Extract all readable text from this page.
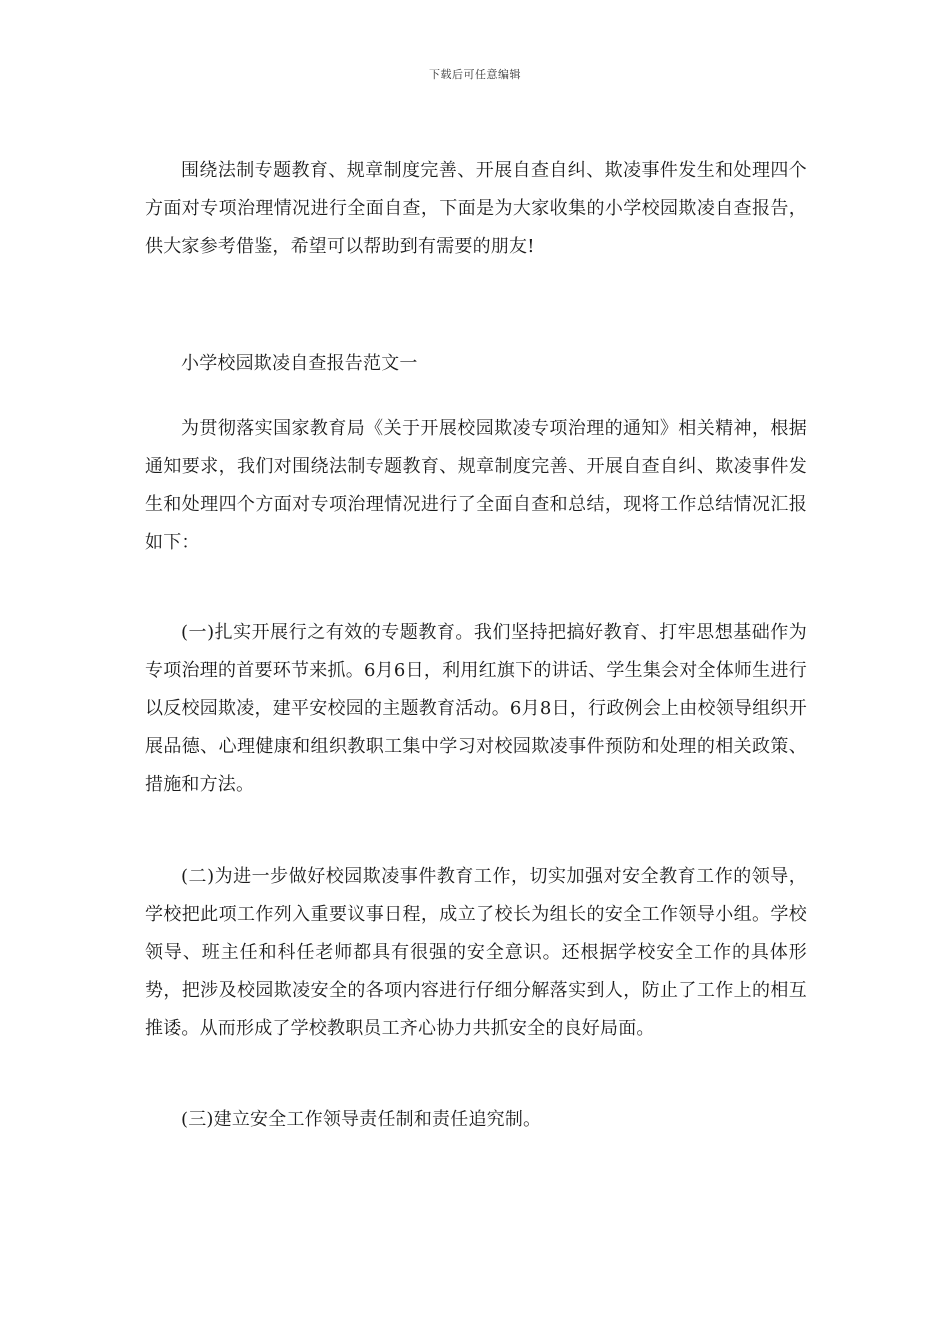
下载后可任意编辑

围绕法制专题教育、规章制度完善、开展自查自纠、欺凌事件发生和处理四个方面对专项治理情况进行全面自查，下面是为大家收集的小学校园欺凌自查报告，供大家参考借鉴，希望可以帮助到有需要的朋友!

小学校园欺凌自查报告范文一

为贯彻落实国家教育局《关于开展校园欺凌专项治理的通知》相关精神，根据通知要求，我们对围绕法制专题教育、规章制度完善、开展自查自纠、欺凌事件发生和处理四个方面对专项治理情况进行了全面自查和总结，现将工作总结情况汇报如下：

(一)扎实开展行之有效的专题教育。我们坚持把搞好教育、打牢思想基础作为专项治理的首要环节来抓。6月6日，利用红旗下的讲话、学生集会对全体师生进行以反校园欺凌，建平安校园的主题教育活动。6月8日，行政例会上由校领导组织开展品德、心理健康和组织教职工集中学习对校园欺凌事件预防和处理的相关政策、措施和方法。

(二)为进一步做好校园欺凌事件教育工作，切实加强对安全教育工作的领导，学校把此项工作列入重要议事日程，成立了校长为组长的安全工作领导小组。学校领导、班主任和科任老师都具有很强的安全意识。还根据学校安全工作的具体形势，把涉及校园欺凌安全的各项内容进行仔细分解落实到人，防止了工作上的相互推诿。从而形成了学校教职员工齐心协力共抓安全的良好局面。

(三)建立安全工作领导责任制和责任追究制。
